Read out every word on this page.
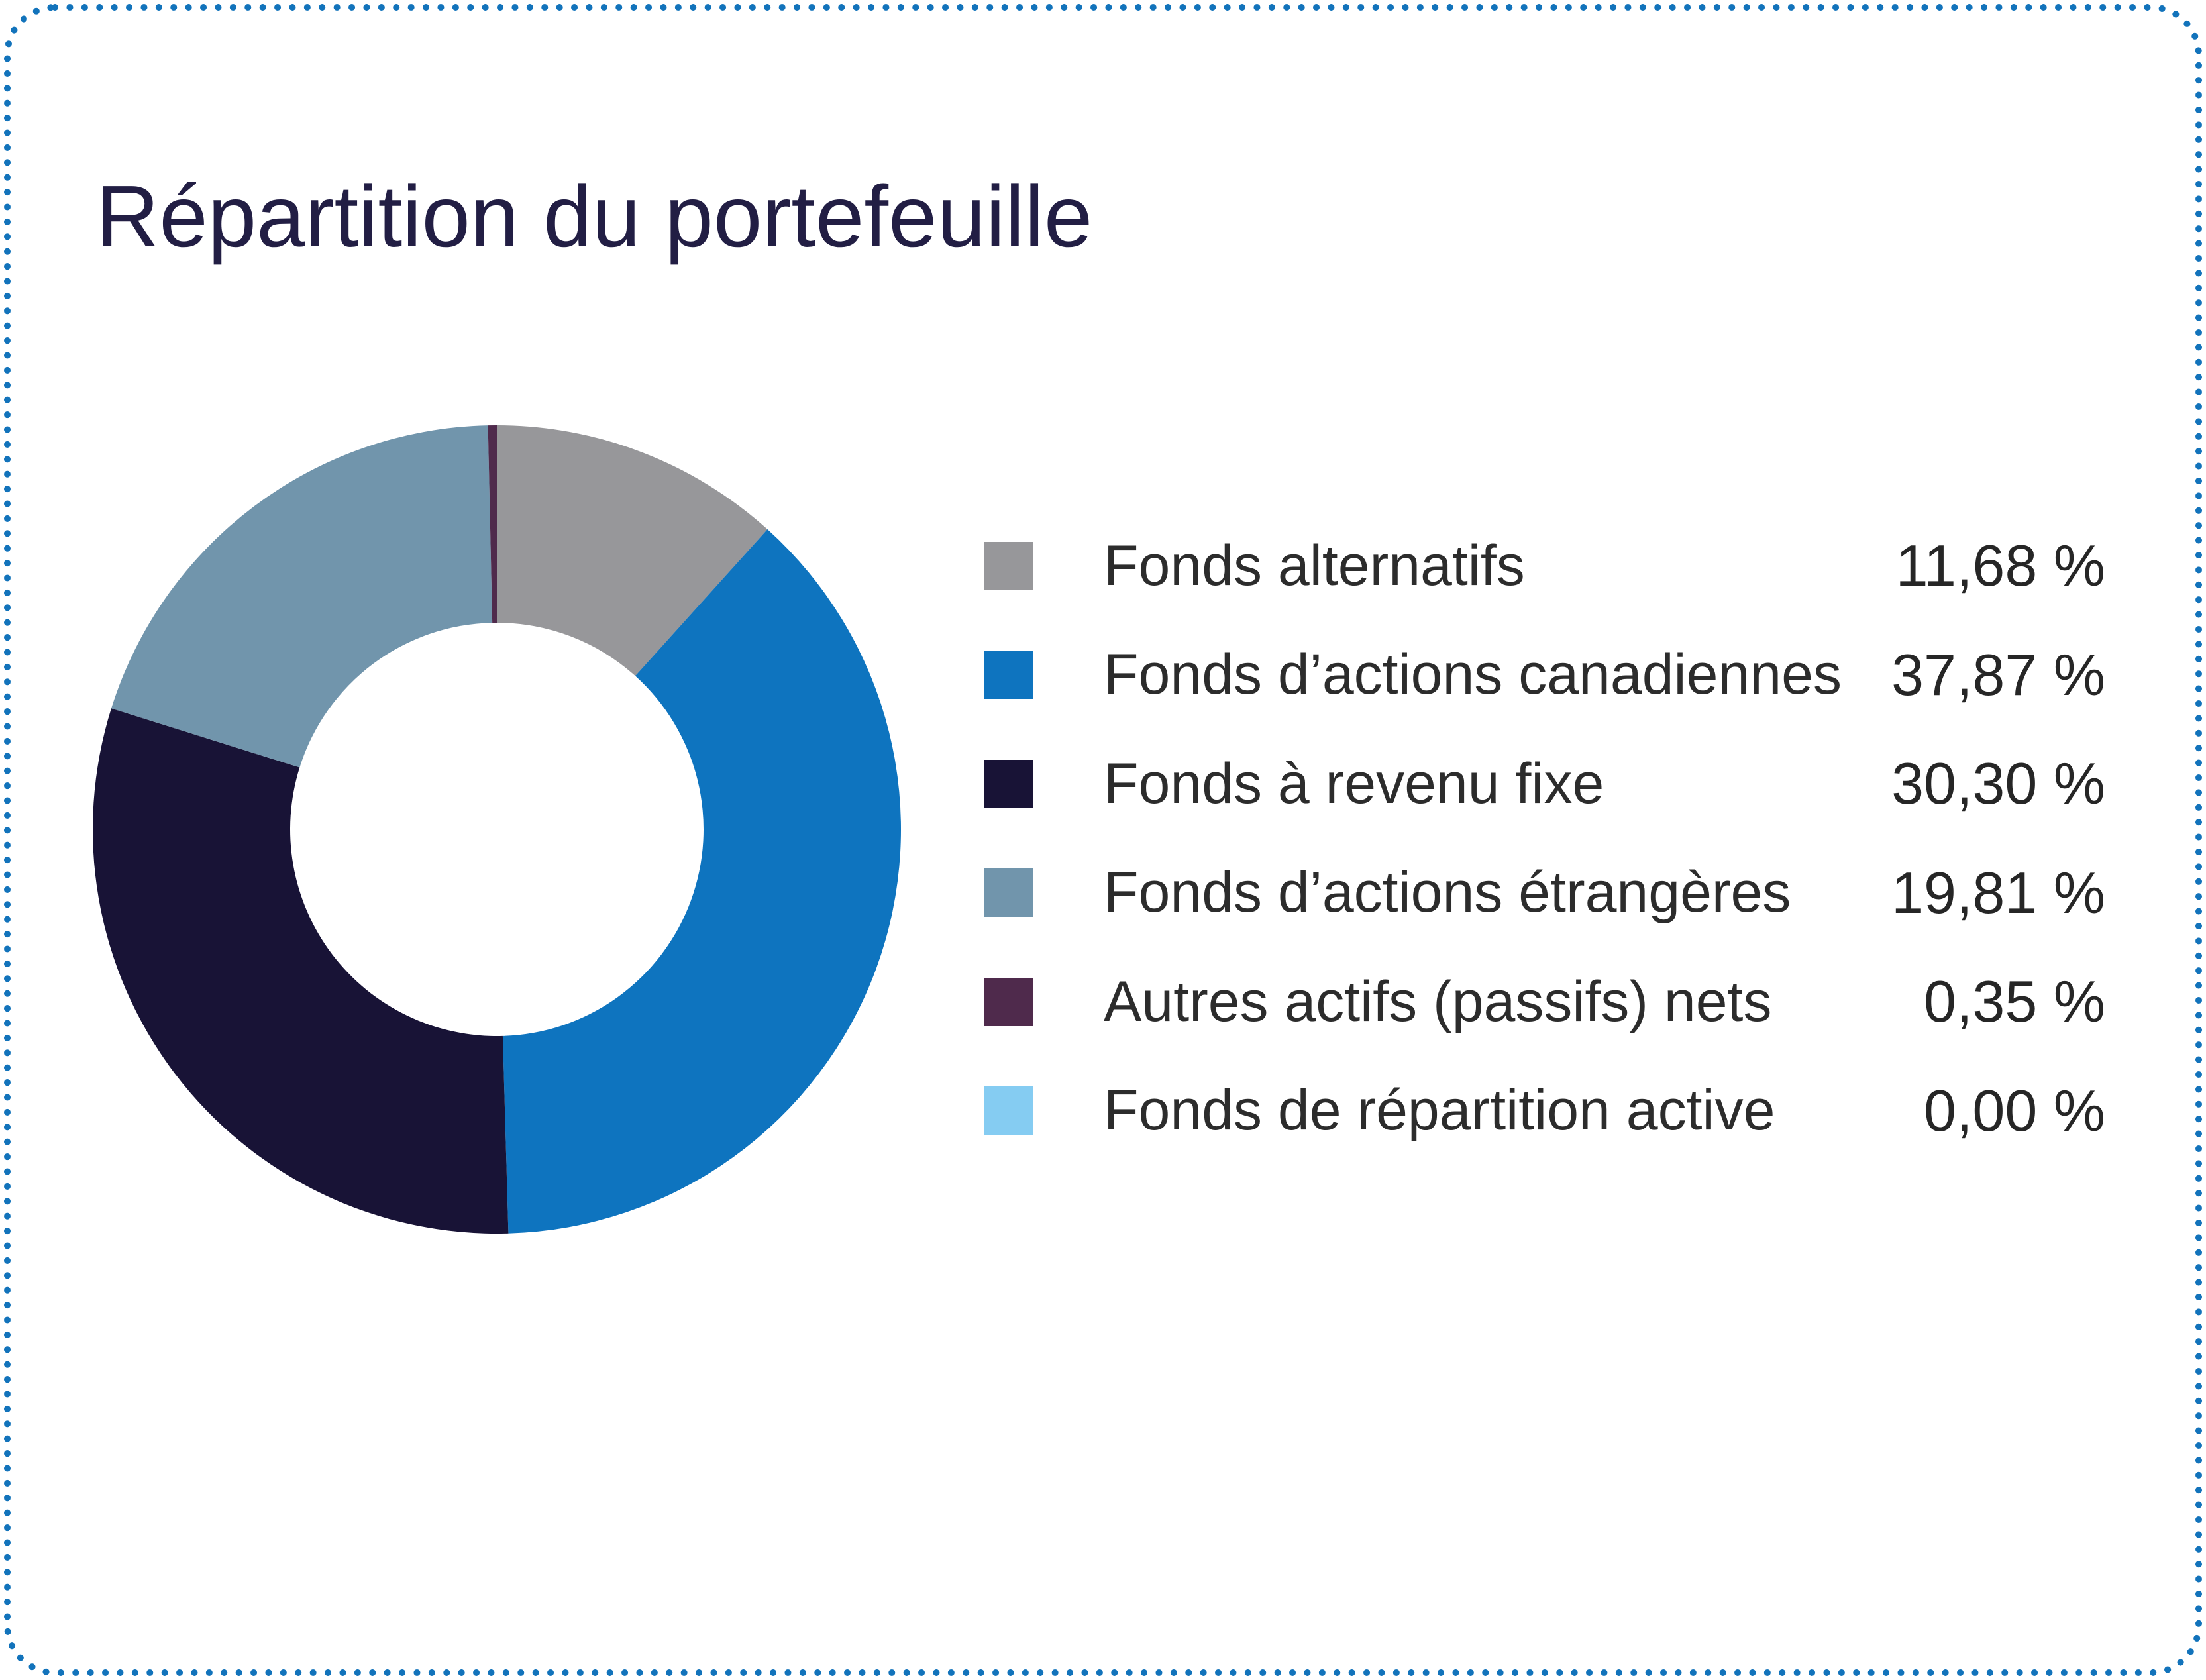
Répartition du portefeuille
Fonds alternatifs	11,68 %
Fonds d’actions canadiennes 37,87 %
Fonds à revenu fixe	30,30 %
Fonds d’actions étrangères	19,81 %
Autres actifs (passifs) nets	0,35 %
Fonds de répartition active	0,00 %
